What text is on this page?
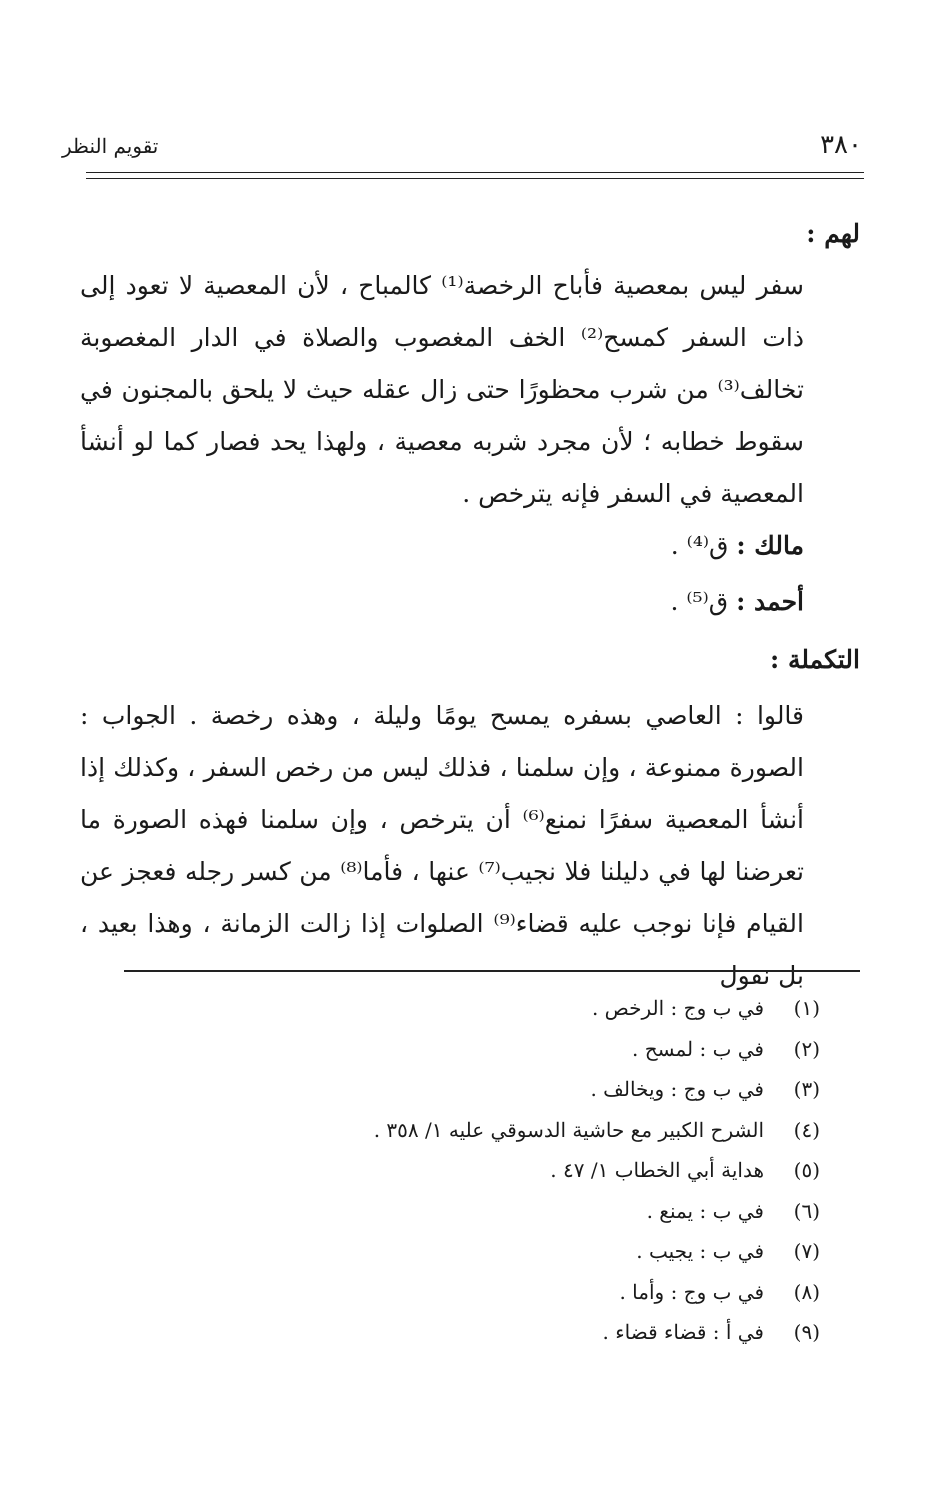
تقويم النظر	٣٨٠

لهم :

سفر ليس بمعصية فأباح الرخصة⁽¹⁾ كالمباح ، لأن المعصية لا تعود إلى ذات السفر كمسح⁽²⁾ الخف المغصوب والصلاة في الدار المغصوبة تخالف⁽³⁾ من شرب محظورًا حتى زال عقله حيث لا يلحق بالمجنون في سقوط خطابه ؛ لأن مجرد شربه معصية ، ولهذا يحد فصار كما لو أنشأ المعصية في السفر فإنه يترخص .

مالك : ق⁽⁴⁾ .

أحمد : ق⁽⁵⁾ .

التكملة :

قالوا : العاصي بسفره يمسح يومًا وليلة ، وهذه رخصة . الجواب : الصورة ممنوعة ، وإن سلمنا ، فذلك ليس من رخص السفر ، وكذلك إذا أنشأ المعصية سفرًا نمنع⁽⁶⁾ أن يترخص ، وإن سلمنا فهذه الصورة ما تعرضنا لها في دليلنا فلا نجيب⁽⁷⁾ عنها ، فأما⁽⁸⁾ من كسر رجله فعجز عن القيام فإنا نوجب عليه قضاء⁽⁹⁾ الصلوات إذا زالت الزمانة ، وهذا بعيد ، بل نقول

(١)في ب وج : الرخص .
(٢)في ب : لمسح .
(٣)في ب وج : ويخالف .
(٤)الشرح الكبير مع حاشية الدسوقي عليه ١/ ٣٥٨ .
(٥)هداية أبي الخطاب ١/ ٤٧ .
(٦)في ب : يمنع .
(٧)في ب : يجيب .
(٨)في ب وج : وأما .
(٩)في أ : قضاء قضاء .
